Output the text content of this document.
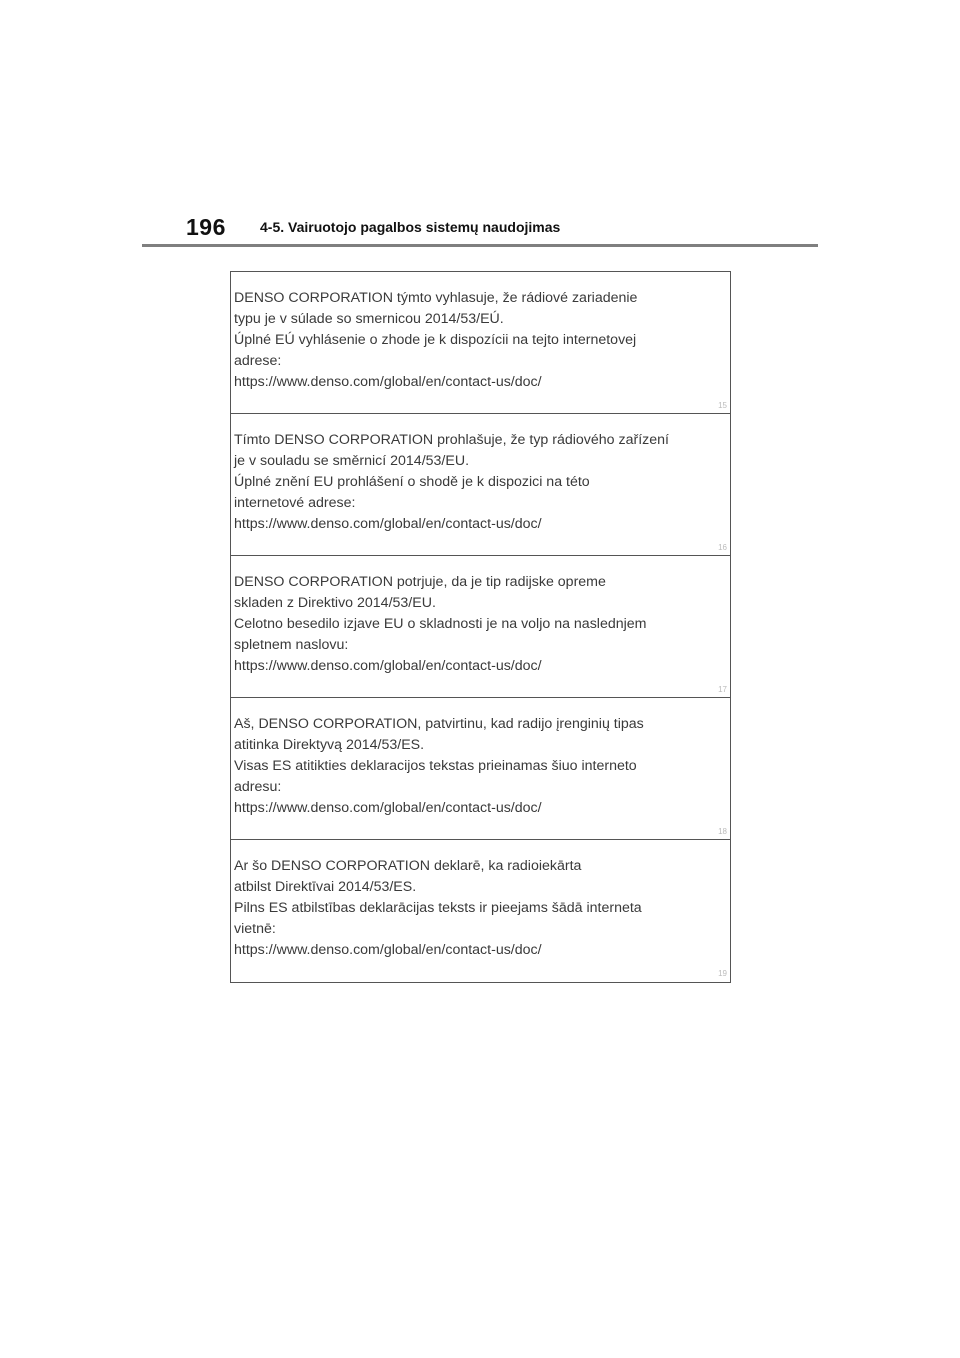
196 4-5. Vairuotojo pagalbos sistemų naudojimas
DENSO CORPORATION týmto vyhlasuje, že rádiové zariadenie
typu je v súlade so smernicou 2014/53/EÚ.
Úplné EÚ vyhlásenie o zhode je k dispozícii na tejto internetovej
adrese:
https://www.denso.com/global/en/contact-us/doc/
15
Tímto DENSO CORPORATION prohlašuje, že typ rádiového zařízení
je v souladu se směrnicí 2014/53/EU.
Úplné znění EU prohlášení o shodě je k dispozici na této
internetové adrese:
https://www.denso.com/global/en/contact-us/doc/
16
DENSO CORPORATION potrjuje, da je tip radijske opreme
skladen z Direktivo 2014/53/EU.
Celotno besedilo izjave EU o skladnosti je na voljo na naslednjem
spletnem naslovu:
https://www.denso.com/global/en/contact-us/doc/
17
Aš, DENSO CORPORATION, patvirtinu, kad radijo įrenginių tipas
atitinka Direktyvą 2014/53/ES.
Visas ES atitikties deklaracijos tekstas prieinamas šiuo interneto
adresu:
https://www.denso.com/global/en/contact-us/doc/
18
Ar šo DENSO CORPORATION deklarē, ka radioiekārta
atbilst Direktīvai 2014/53/ES.
Pilns ES atbilstības deklarācijas teksts ir pieejams šādā interneta
vietnē:
https://www.denso.com/global/en/contact-us/doc/
19
